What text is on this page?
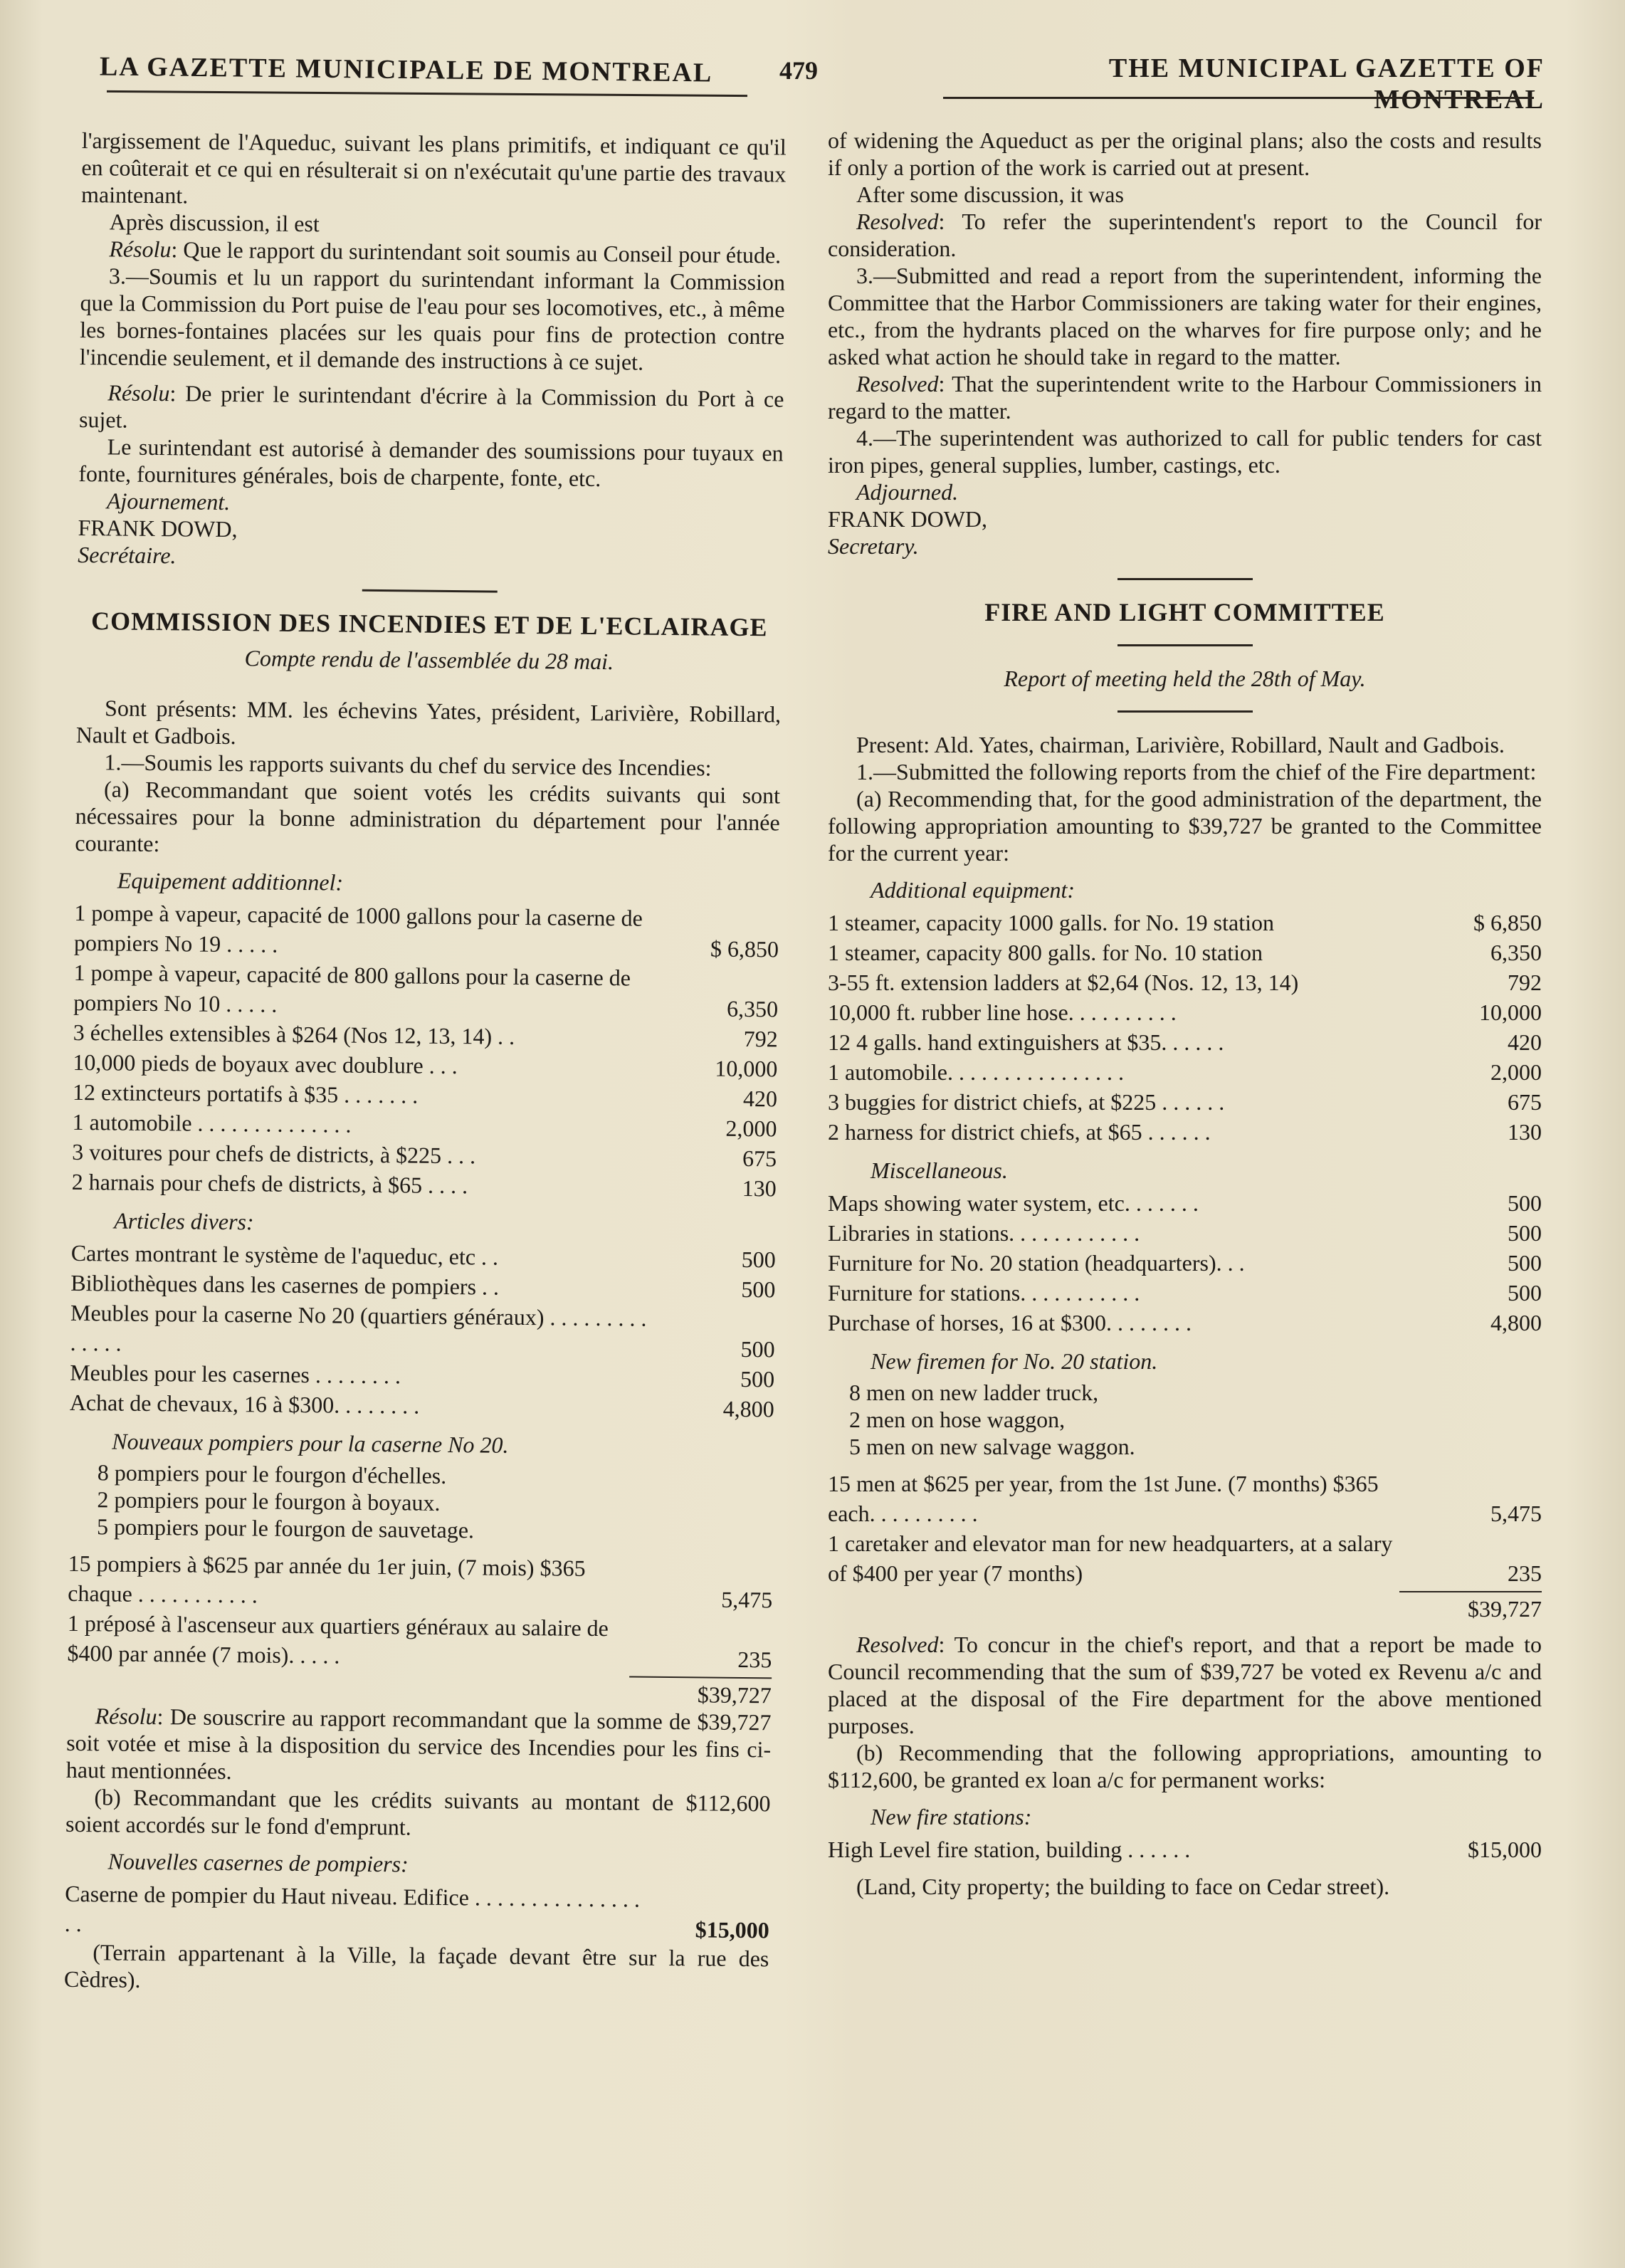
LA GAZETTE MUNICIPALE DE MONTREAL	479	THE MUNICIPAL GAZETTE OF MONTREAL

l'argissement de l'Aqueduc, suivant les plans primitifs, et indiquant ce qu'il en coûterait et ce qui en résulterait si on n'exécutait qu'une partie des travaux maintenant.

Après discussion, il est

Résolu: Que le rapport du surintendant soit soumis au Conseil pour étude.

3.—Soumis et lu un rapport du surintendant informant la Commission que la Commission du Port puise de l'eau pour ses locomotives, etc., à même les bornes-fontaines placées sur les quais pour fins de protection contre l'incendie seulement, et il demande des instructions à ce sujet.

Résolu: De prier le surintendant d'écrire à la Commission du Port à ce sujet.

Le surintendant est autorisé à demander des soumissions pour tuyaux en fonte, fournitures générales, bois de charpente, fonte, etc.

Ajournement.

FRANK DOWD,

Secrétaire.

COMMISSION DES INCENDIES ET DE L'ECLAIRAGE
Compte rendu de l'assemblée du 28 mai.

Sont présents: MM. les échevins Yates, président, Larivière, Robillard, Nault et Gadbois.

1.—Soumis les rapports suivants du chef du service des Incendies:

(a) Recommandant que soient votés les crédits suivants qui sont nécessaires pour la bonne administration du département pour l'année courante:

Equipement additionnel:
1 pompe à vapeur, capacité de 1000 gallons pour la caserne de pompiers No 19 . . . . .	$ 6,850
1 pompe à vapeur, capacité de 800 gallons pour la caserne de pompiers No 10 . . . . .	6,350
3 échelles extensibles à $264 (Nos 12, 13, 14) . .	792
10,000 pieds de boyaux avec doublure . . .	10,000
12 extincteurs portatifs à $35 . . . . . . .	420
1 automobile . . . . . . . . . . . . . .	2,000
3 voitures pour chefs de districts, à $225 . . .	675
2 harnais pour chefs de districts, à $65 . . . .	130
Articles divers:
Cartes montrant le système de l'aqueduc, etc . .	500
Bibliothèques dans les casernes de pompiers . .	500
Meubles pour la caserne No 20 (quartiers généraux) . . . . . . . . . . . . . .	500
Meubles pour les casernes . . . . . . . .	500
Achat de chevaux, 16 à $300. . . . . . . .	4,800
Nouveaux pompiers pour la caserne No 20.

8 pompiers pour le fourgon d'échelles.

2 pompiers pour le fourgon à boyaux.

5 pompiers pour le fourgon de sauvetage.

15 pompiers à $625 par année du 1er juin, (7 mois) $365 chaque . . . . . . . . . . .	5,475
1 préposé à l'ascenseur aux quartiers généraux au salaire de $400 par année (7 mois). . . . .	235
$39,727

Résolu: De souscrire au rapport recommandant que la somme de $39,727 soit votée et mise à la disposition du service des Incendies pour les fins ci-haut mentionnées.

(b) Recommandant que les crédits suivants au montant de $112,600 soient accordés sur le fond d'emprunt.

Nouvelles casernes de pompiers:
Caserne de pompier du Haut niveau. Edifice . . . . . . . . . . . . . . . . .	$15,000

(Terrain appartenant à la Ville, la façade devant être sur la rue des Cèdres).

of widening the Aqueduct as per the original plans; also the costs and results if only a portion of the work is carried out at present.

After some discussion, it was

Resolved: To refer the superintendent's report to the Council for consideration.

3.—Submitted and read a report from the superintendent, informing the Committee that the Harbor Commissioners are taking water for their engines, etc., from the hydrants placed on the wharves for fire purpose only; and he asked what action he should take in regard to the matter.

Resolved: That the superintendent write to the Harbour Commissioners in regard to the matter.

4.—The superintendent was authorized to call for public tenders for cast iron pipes, general supplies, lumber, castings, etc.

Adjourned.

FRANK DOWD,

Secretary.

FIRE AND LIGHT COMMITTEE
Report of meeting held the 28th of May.

Present: Ald. Yates, chairman, Larivière, Robillard, Nault and Gadbois.

1.—Submitted the following reports from the chief of the Fire department:

(a) Recommending that, for the good administration of the department, the following appropriation amounting to $39,727 be granted to the Committee for the current year:

Additional equipment:
1 steamer, capacity 1000 galls. for No. 19 station	$ 6,850
1 steamer, capacity 800 galls. for No. 10 station	6,350
3-55 ft. extension ladders at $2,64 (Nos. 12, 13, 14)	792
10,000 ft. rubber line hose. . . . . . . . . .	10,000
12 4 galls. hand extinguishers at $35. . . . . .	420
1 automobile. . . . . . . . . . . . . . . .	2,000
3 buggies for district chiefs, at $225 . . . . . .	675
2 harness for district chiefs, at $65 . . . . . .	130
Miscellaneous.
Maps showing water system, etc. . . . . . .	500
Libraries in stations. . . . . . . . . . . .	500
Furniture for No. 20 station (headquarters). . .	500
Furniture for stations. . . . . . . . . . .	500
Purchase of horses, 16 at $300. . . . . . . .	4,800
New firemen for No. 20 station.

8 men on new ladder truck,

2 men on hose waggon,

5 men on new salvage waggon.

15 men at $625 per year, from the 1st June. (7 months) $365 each. . . . . . . . . .	5,475
1 caretaker and elevator man for new headquarters, at a salary of $400 per year (7 months)	235
$39,727

Resolved: To concur in the chief's report, and that a report be made to Council recommending that the sum of $39,727 be voted ex Revenu a/c and placed at the disposal of the Fire department for the above mentioned purposes.

(b) Recommending that the following appropriations, amounting to $112,600, be granted ex loan a/c for permanent works:

New fire stations:
High Level fire station, building . . . . . .	$15,000

(Land, City property; the building to face on Cedar street).
